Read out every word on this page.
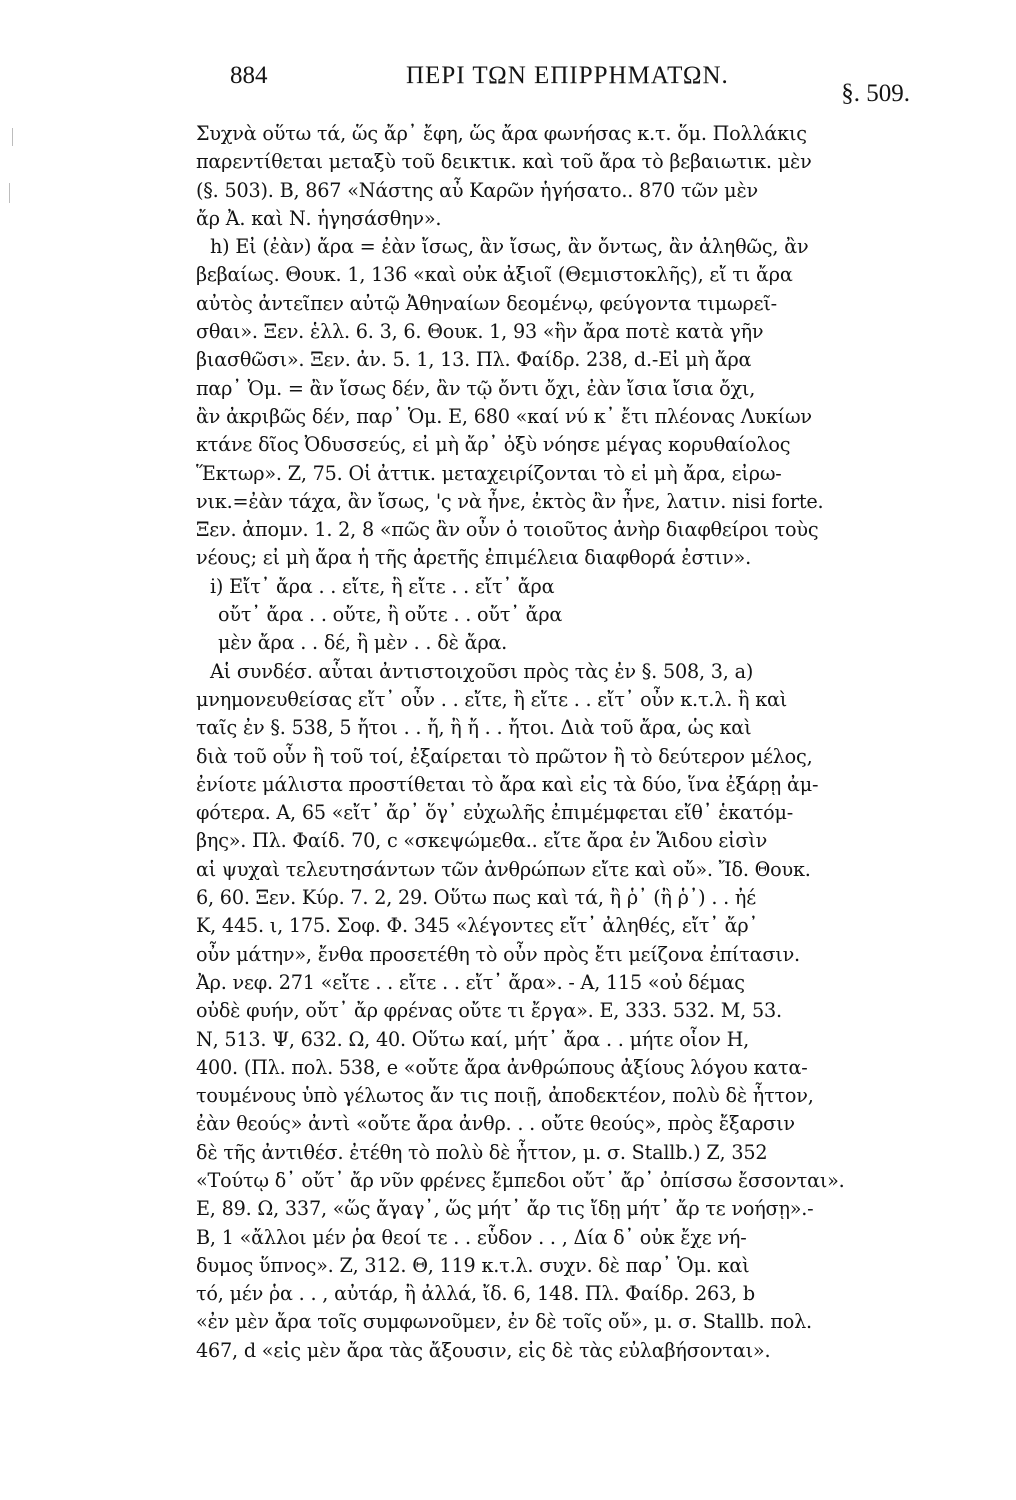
884	ΠΕΡΙ ΤΩΝ ΕΠΙΡΡΗΜΑΤΩΝ.
§. 509.
Συχνὰ οὕτω τά, ὥς ἄρ᾽ ἔφη, ὥς ἄρα φωνήσας κ.τ. ὅμ. Πολλάκις
παρεντίθεται μεταξὺ τοῦ δεικτικ. καὶ τοῦ ἄρα τὸ βεβαιωτικ. μὲν
(§. 503). Β, 867 «Νάστης αὖ Καρῶν ἡγήσατο.. 870 τῶν μὲν
ἄρ Ἀ. καὶ Ν. ἡγησάσθην».
h) Εἰ (ἐὰν) ἄρα = ἐὰν ἴσως, ἂν ἴσως, ἂν ὄντως, ἂν ἀληθῶς, ἂν
βεβαίως. Θουκ. 1, 136 «καὶ οὐκ ἀξιοῖ (Θεμιστοκλῆς), εἴ τι ἄρα
αὐτὸς ἀντεῖπεν αὐτῷ Ἀθηναίων δεομένῳ, φεύγοντα τιμωρεῖ-
σθαι». Ξεν. ἑλλ. 6. 3, 6. Θουκ. 1, 93 «ἣν ἄρα ποτὲ κατὰ γῆν
βιασθῶσι». Ξεν. ἀν. 5. 1, 13. Πλ. Φαίδρ. 238, d.-Εἰ μὴ ἄρα
παρ᾽ Ὁμ. = ἂν ἴσως δέν, ἂν τῷ ὄντι ὄχι, ἐὰν ἴσια ἴσια ὄχι,
ἂν ἀκριβῶς δέν, παρ᾽ Ὁμ. Ε, 680 «καί νύ κ᾽ ἔτι πλέονας Λυκίων
κτάνε δῖος Ὀδυσσεύς, εἰ μὴ ἄρ᾽ ὀξὺ νόησε μέγας κορυθαίολος
Ἕκτωρ». Ζ, 75. Οἱ ἀττικ. μεταχειρίζονται τὸ εἰ μὴ ἄρα, εἰρω-
νικ.=ἐὰν τάχα, ἂν ἴσως, 'ς νὰ ἦνε, ἐκτὸς ἂν ἦνε, λατιν. nisi forte.
Ξεν. ἀπομν. 1. 2, 8 «πῶς ἂν οὖν ὁ τοιοῦτος ἀνὴρ διαφθείροι τοὺς
νέους; εἰ μὴ ἄρα ἡ τῆς ἀρετῆς ἐπιμέλεια διαφθορά ἐστιν».
i) Εἴτ᾽ ἄρα . . εἴτε, ἢ εἴτε . . εἴτ᾽ ἄρα
οὔτ᾽ ἄρα . . οὔτε, ἢ οὔτε . . οὔτ᾽ ἄρα
μὲν ἄρα . . δέ, ἢ μὲν . . δὲ ἄρα.
Αἱ συνδέσ. αὗται ἀντιστοιχοῦσι πρὸς τὰς ἐν §. 508, 3, a)
μνημονευθείσας εἴτ᾽ οὖν . . εἴτε, ἢ εἴτε . . εἴτ᾽ οὖν κ.τ.λ. ἢ καὶ
ταῖς ἐν §. 538, 5 ἤτοι . . ἤ, ἢ ἤ . . ἤτοι. Διὰ τοῦ ἄρα, ὡς καὶ
διὰ τοῦ οὖν ἢ τοῦ τοί, ἐξαίρεται τὸ πρῶτον ἢ τὸ δεύτερον μέλος,
ἐνίοτε μάλιστα προστίθεται τὸ ἄρα καὶ εἰς τὰ δύο, ἵνα ἐξάρῃ ἀμ-
φότερα. Α, 65 «εἴτ᾽ ἄρ᾽ ὅγ᾽ εὐχωλῆς ἐπιμέμφεται εἴθ᾽ ἑκατόμ-
βης». Πλ. Φαίδ. 70, c «σκεψώμεθα.. εἴτε ἄρα ἐν Ἅιδου εἰσὶν
αἱ ψυχαὶ τελευτησάντων τῶν ἀνθρώπων εἴτε καὶ οὔ». Ἴδ. Θουκ.
6, 60. Ξεν. Κύρ. 7. 2, 29. Οὕτω πως καὶ τά, ἢ ῥ᾽ (ἢ ῥ᾽) . . ἠέ
Κ, 445. ι, 175. Σοφ. Φ. 345 «λέγοντες εἴτ᾽ ἀληθές, εἴτ᾽ ἄρ᾽
οὖν μάτην», ἔνθα προσετέθη τὸ οὖν πρὸς ἔτι μείζονα ἐπίτασιν.
Ἀρ. νεφ. 271 «εἴτε . . εἴτε . . εἴτ᾽ ἄρα». - Α, 115 «οὐ δέμας
οὐδὲ φυήν, οὔτ᾽ ἄρ φρένας οὔτε τι ἔργα». Ε, 333. 532. Μ, 53.
Ν, 513. Ψ, 632. Ω, 40. Οὕτω καί, μήτ᾽ ἄρα . . μήτε οἷον Η,
400. (Πλ. πολ. 538, e «οὔτε ἄρα ἀνθρώπους ἀξίους λόγου κατα-
τουμένους ὑπὸ γέλωτος ἄν τις ποιῇ, ἀποδεκτέον, πολὺ δὲ ἧττον,
ἐὰν θεούς» ἀντὶ «οὔτε ἄρα ἀνθρ. . . οὔτε θεούς», πρὸς ἔξαρσιν
δὲ τῆς ἀντιθέσ. ἐτέθη τὸ πολὺ δὲ ἧττον, μ. σ. Stallb.) Ζ, 352
«Τούτῳ δ᾽ οὔτ᾽ ἄρ νῦν φρένες ἔμπεδοι οὔτ᾽ ἄρ᾽ ὀπίσσω ἔσσονται».
Ε, 89. Ω, 337, «ὥς ἄγαγ᾽, ὥς μήτ᾽ ἄρ τις ἴδῃ μήτ᾽ ἄρ τε νοήσῃ».-
Β, 1 «ἄλλοι μέν ῥα θεοί τε . . εὗδον . . , Δία δ᾽ οὐκ ἔχε νή-
δυμος ὕπνος». Ζ, 312. Θ, 119 κ.τ.λ. συχν. δὲ παρ᾽ Ὁμ. καὶ
τό, μέν ῥα . . , αὐτάρ, ἢ ἀλλά, ἴδ. 6, 148. Πλ. Φαίδρ. 263, b
«ἐν μὲν ἄρα τοῖς συμφωνοῦμεν, ἐν δὲ τοῖς οὔ», μ. σ. Stallb. πολ.
467, d «εἰς μὲν ἄρα τὰς ἄξουσιν, εἰς δὲ τὰς εὐλαβήσονται».
